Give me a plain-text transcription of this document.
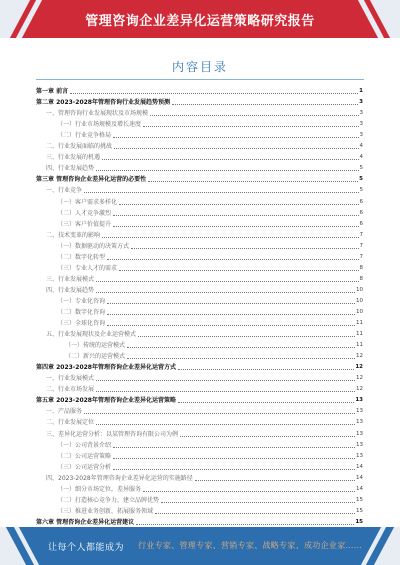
管理咨询企业差异化运营策略研究报告
内容目录
第一章 前言	1
第二章 2023-2028年管理咨询行业发展趋势预测	3
一、管理咨询行业发展现状及市场规模	3
（一）行业市场规模及增长速度	3
（二）行业竞争格局	3
二、行业发展面临的挑战	4
三、行业发展的机遇	4
四、行业发展趋势	5
第三章 管理咨询企业差异化运营的必要性	5
一、行业竞争	5
（一）客户需求多样化	6
（二）人才竞争激烈	6
（三）客户价值提升	6
二、技术变革的影响	7
（一）数据驱动的决策方式	7
（二）数字化转型	7
（三）专业人才的需求	8
三、行业发展模式	8
四、行业发展趋势	10
（一）专业化咨询	10
（二）数字化咨询	10
（三）全球化咨询	11
五、行业发展现状及企业运营模式	11
（一）传统的运营模式	11
（二）新兴的运营模式	12
第四章 2023-2028年管理咨询企业差异化运营方式	12
一、行业发展模式	12
二、行业市场发展	12
第五章 2023-2028年管理咨询企业差异化运营策略	13
一、产品服务	13
二、行业发展定位	13
三、差异化运营分析：以某管理咨询有限公司为例	13
（一）公司背景介绍	13
（二）公司运营策略	13
（三）公司运营分析	14
四、2023-2028年管理咨询企业差异化运营的实施路径	14
（一）细分市场定位，差异服务	14
（二）打造核心竞争力，建立品牌优势	15
（三）推进业务创新，拓展服务领域	15
第六章 管理咨询企业差异化运营建议	15
让每个人都能成为 行业专家、管理专家、营销专家、战略专家、成功企业家……
